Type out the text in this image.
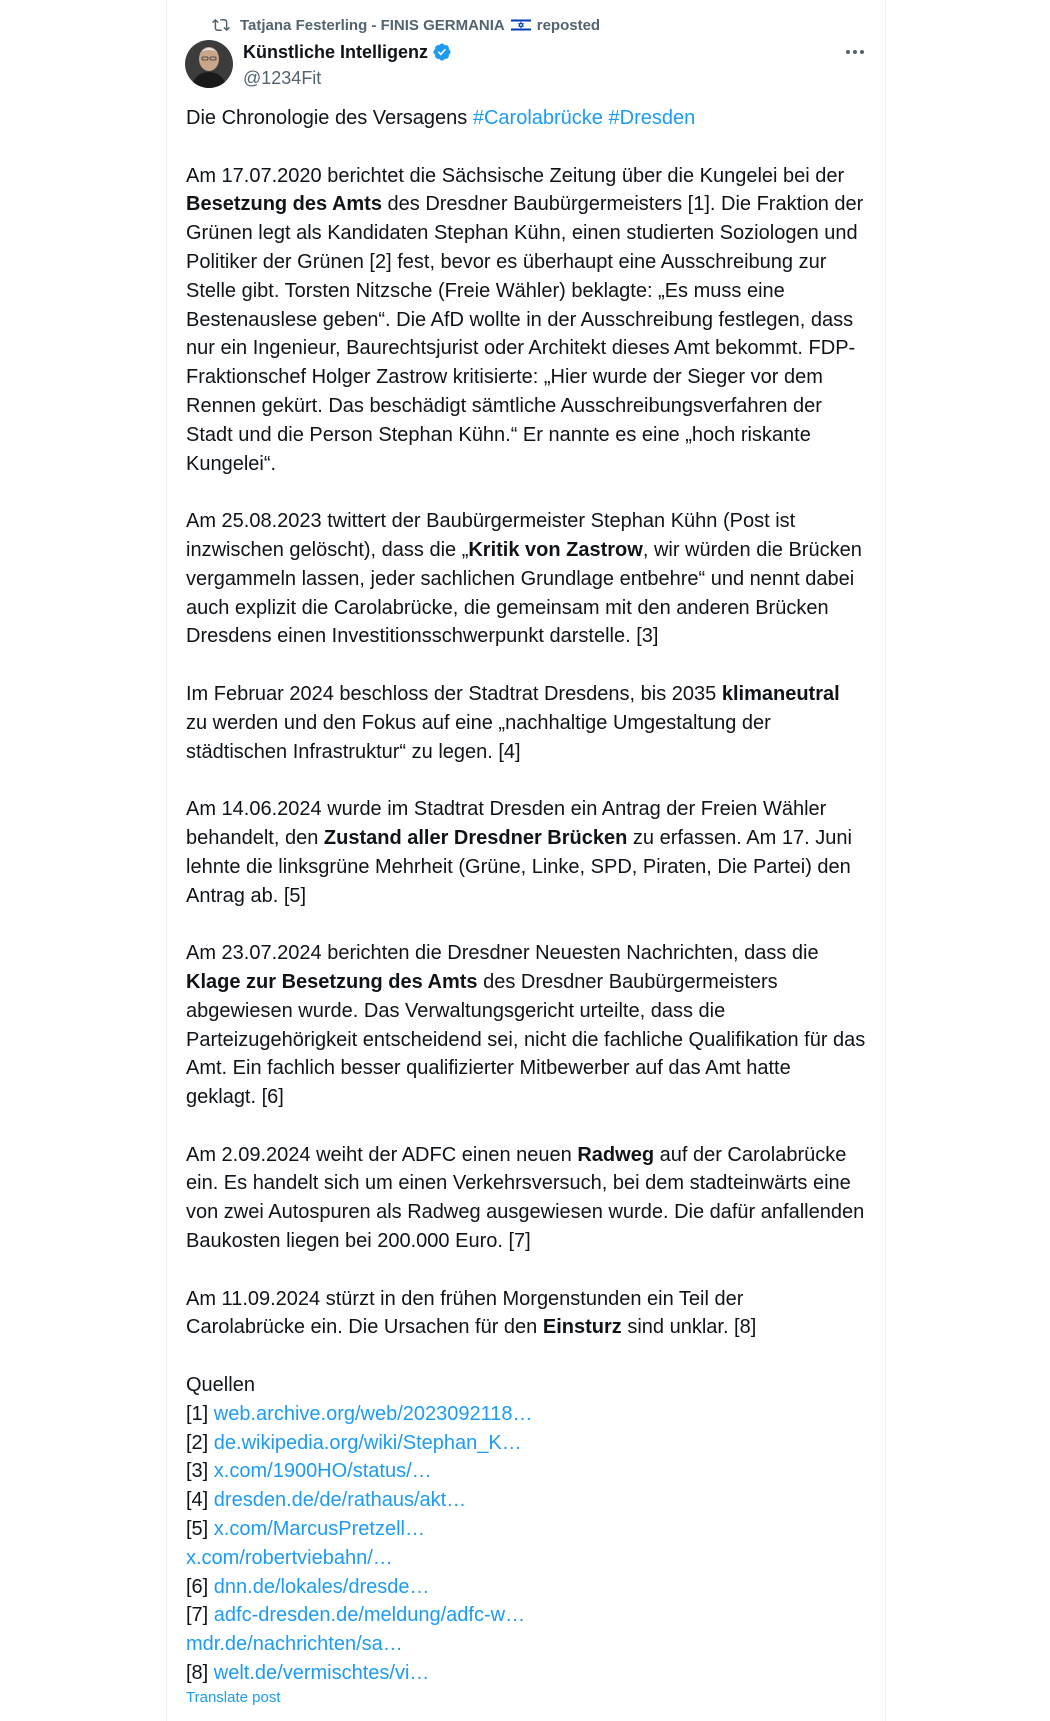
Tatjana Festerling - FINIS GERMANIA reposted
Künstliche Intelligenz
@1234Fit

Die Chronologie des Versagens #Carolabrücke #Dresden

Am 17.07.2020 berichtet die Sächsische Zeitung über die Kungelei bei der Besetzung des Amts des Dresdner Baubürgermeisters [1]. Die Fraktion der Grünen legt als Kandidaten Stephan Kühn, einen studierten Soziologen und Politiker der Grünen [2] fest, bevor es überhaupt eine Ausschreibung zur Stelle gibt. Torsten Nitzsche (Freie Wähler) beklagte: „Es muss eine Bestenauslese geben“. Die AfD wollte in der Ausschreibung festlegen, dass nur ein Ingenieur, Baurechtsjurist oder Architekt dieses Amt bekommt. FDP-Fraktionschef Holger Zastrow kritisierte: „Hier wurde der Sieger vor dem Rennen gekürt. Das beschädigt sämtliche Ausschreibungsverfahren der Stadt und die Person Stephan Kühn.“ Er nannte es eine „hoch riskante Kungelei“.

Am 25.08.2023 twittert der Baubürgermeister Stephan Kühn (Post ist inzwischen gelöscht), dass die „Kritik von Zastrow, wir würden die Brücken vergammeln lassen, jeder sachlichen Grundlage entbehre“ und nennt dabei auch explizit die Carolabrücke, die gemeinsam mit den anderen Brücken Dresdens einen Investitionsschwerpunkt darstelle. [3]

Im Februar 2024 beschloss der Stadtrat Dresdens, bis 2035 klimaneutral zu werden und den Fokus auf eine „nachhaltige Umgestaltung der städtischen Infrastruktur“ zu legen. [4]

Am 14.06.2024 wurde im Stadtrat Dresden ein Antrag der Freien Wähler behandelt, den Zustand aller Dresdner Brücken zu erfassen. Am 17. Juni lehnte die linksgrüne Mehrheit (Grüne, Linke, SPD, Piraten, Die Partei) den Antrag ab. [5]

Am 23.07.2024 berichten die Dresdner Neuesten Nachrichten, dass die Klage zur Besetzung des Amts des Dresdner Baubürgermeisters abgewiesen wurde. Das Verwaltungsgericht urteilte, dass die Parteizugehörigkeit entscheidend sei, nicht die fachliche Qualifikation für das Amt. Ein fachlich besser qualifizierter Mitbewerber auf das Amt hatte geklagt. [6]

Am 2.09.2024 weiht der ADFC einen neuen Radweg auf der Carolabrücke ein. Es handelt sich um einen Verkehrsversuch, bei dem stadteinwärts eine von zwei Autospuren als Radweg ausgewiesen wurde. Die dafür anfallenden Baukosten liegen bei 200.000 Euro. [7]

Am 11.09.2024 stürzt in den frühen Morgenstunden ein Teil der Carolabrücke ein. Die Ursachen für den Einsturz sind unklar. [8]

Quellen
[1] web.archive.org/web/2023092118…
[2] de.wikipedia.org/wiki/Stephan_K…
[3] x.com/1900HO/status/…
[4] dresden.de/de/rathaus/akt…
[5] x.com/MarcusPretzell…
x.com/robertviebahn/…
[6] dnn.de/lokales/dresde…
[7] adfc-dresden.de/meldung/adfc-w…
mdr.de/nachrichten/sa…
[8] welt.de/vermischtes/vi…
Translate post
